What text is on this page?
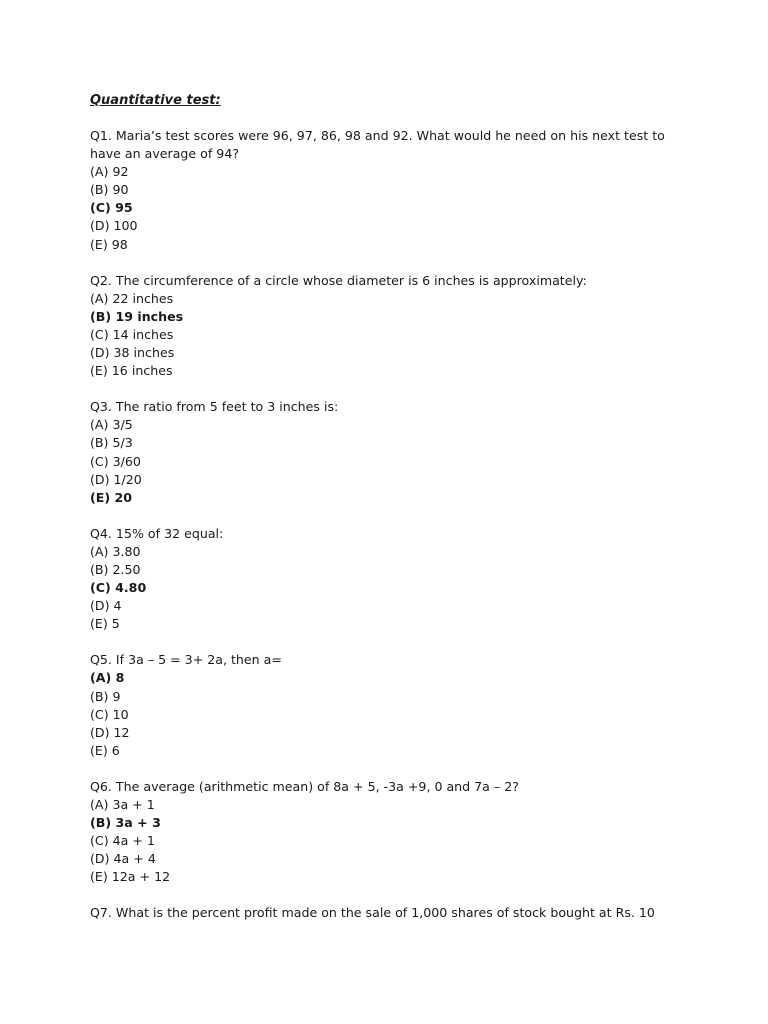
Quantitative test:

Q1. Maria’s test scores were 96, 97, 86, 98 and 92. What would he need on his next test to have an average of 94?

(A) 92
(B) 90
(C) 95
(D) 100
(E) 98

Q2. The circumference of a circle whose diameter is 6 inches is approximately:

(A) 22 inches
(B) 19 inches
(C) 14 inches
(D) 38 inches
(E) 16 inches

Q3. The ratio from 5 feet to 3 inches is:

(A) 3/5
(B) 5/3
(C) 3/60
(D) 1/20
(E) 20

Q4. 15% of 32 equal:

(A) 3.80
(B) 2.50
(C) 4.80
(D) 4
(E) 5

Q5. If 3a – 5 = 3+ 2a, then a=

(A) 8
(B) 9
(C) 10
(D) 12
(E) 6

Q6. The average (arithmetic mean) of 8a + 5, -3a +9, 0 and 7a – 2?

(A) 3a + 1
(B) 3a + 3
(C) 4a + 1
(D) 4a + 4
(E) 12a + 12

Q7. What is the percent profit made on the sale of 1,000 shares of stock bought at Rs. 10
